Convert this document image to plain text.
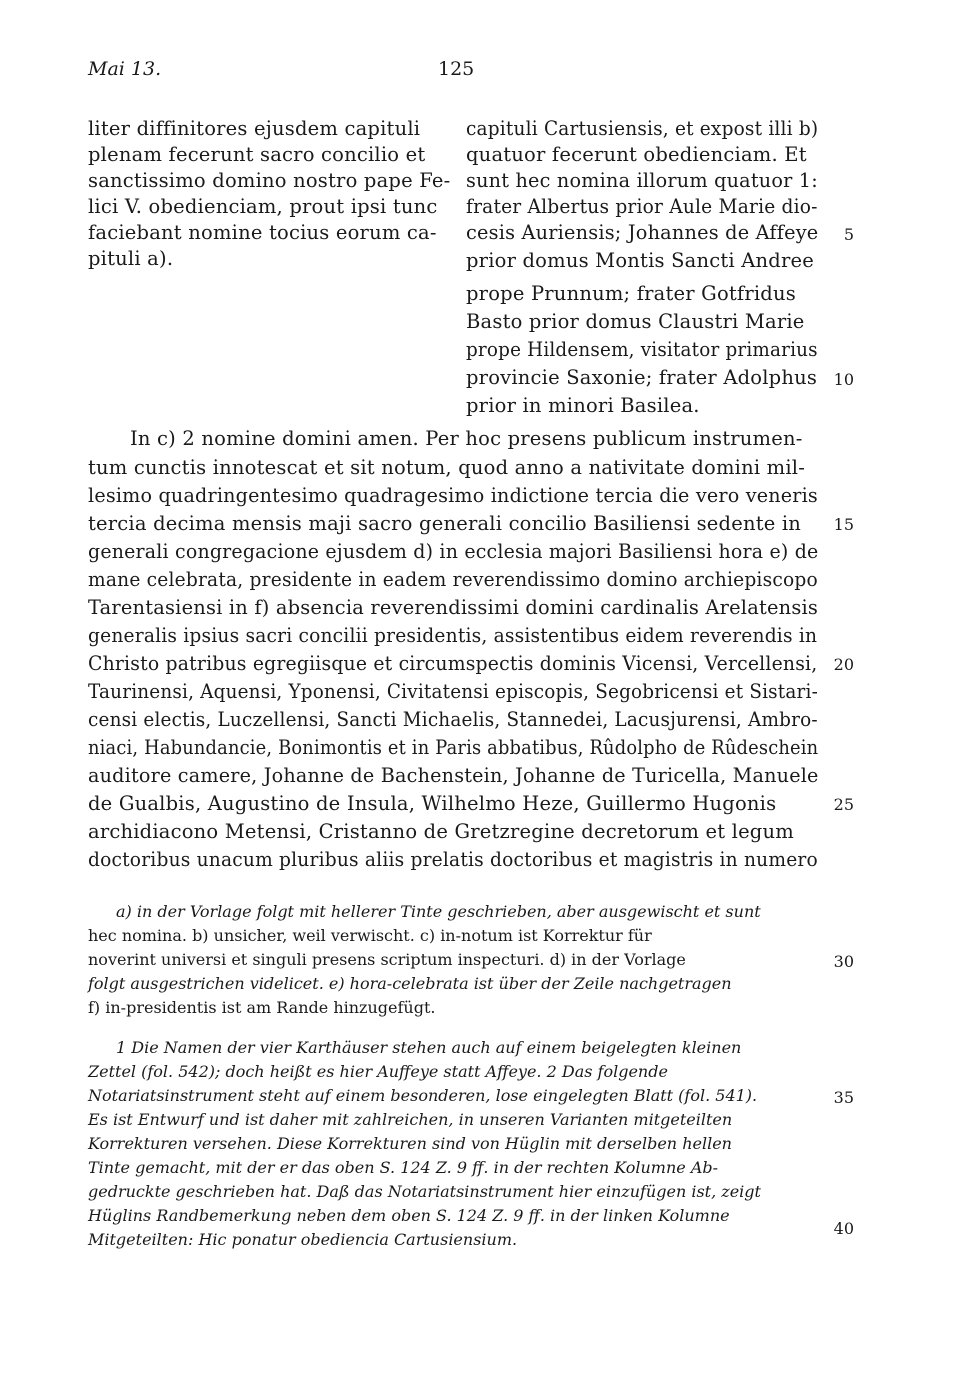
Mai 13.	125
liter diffinitores ejusdem capituli
plenam fecerunt sacro concilio et
sanctissimo domino nostro pape Fe-
lici V. obedienciam, prout ipsi tunc
faciebant nomine tocius eorum ca-
pituli a).
capituli Cartusiensis, et expost illi b)
quatuor fecerunt obedienciam. Et
sunt hec nomina illorum quatuor 1:
frater Albertus prior Aule Marie dio-
cesis Auriensis; Johannes de Affeye
prior domus Montis Sancti Andree
prope Prunnum; frater Gotfridus
Basto prior domus Claustri Marie
prope Hildensem, visitator primarius
provincie Saxonie; frater Adolphus
prior in minori Basilea.
In c) 2 nomine domini amen. Per hoc presens publicum instrumen-
tum cunctis innotescat et sit notum, quod anno a nativitate domini mil-
lesimo quadringentesimo quadragesimo indictione tercia die vero veneris
tercia decima mensis maji sacro generali concilio Basiliensi sedente in
generali congregacione ejusdem d) in ecclesia majori Basiliensi hora e) de
mane celebrata, presidente in eadem reverendissimo domino archiepiscopo
Tarentasiensi in f) absencia reverendissimi domini cardinalis Arelatensis
generalis ipsius sacri concilii presidentis, assistentibus eidem reverendis in
Christo patribus egregiisque et circumspectis dominis Vicensi, Vercellensi,
Taurinensi, Aquensi, Yponensi, Civitatensi episcopis, Segobricensi et Sistari-
censi electis, Luczellensi, Sancti Michaelis, Stannedei, Lacusjurensi, Ambro-
niaci, Habundancie, Bonimontis et in Paris abbatibus, Rûdolpho de Rûdeschein
auditore camere, Johanne de Bachenstein, Johanne de Turicella, Manuele
de Gualbis, Augustino de Insula, Wilhelmo Heze, Guillermo Hugonis
archidiacono Metensi, Cristanno de Gretzregine decretorum et legum
doctoribus unacum pluribus aliis prelatis doctoribus et magistris in numero
a) in der Vorlage folgt mit hellerer Tinte geschrieben, aber ausgewischt et sunt
hec nomina. b) unsicher, weil verwischt. c) in-notum ist Korrektur für
noverint universi et singuli presens scriptum inspecturi. d) in der Vorlage
folgt ausgestrichen videlicet. e) hora-celebrata ist über der Zeile nachgetragen
f) in-presidentis ist am Rande hinzugefügt.
1 Die Namen der vier Karthäuser stehen auch auf einem beigelegten kleinen
Zettel (fol. 542); doch heißt es hier Auffeye statt Affeye. 2 Das folgende
Notariatsinstrument steht auf einem besonderen, lose eingelegten Blatt (fol. 541).
Es ist Entwurf und ist daher mit zahlreichen, in unseren Varianten mitgeteilten
Korrekturen versehen. Diese Korrekturen sind von Hüglin mit derselben hellen
Tinte gemacht, mit der er das oben S. 124 Z. 9 ff. in der rechten Kolumne Ab-
gedruckte geschrieben hat. Daß das Notariatsinstrument hier einzufügen ist, zeigt
Hüglins Randbemerkung neben dem oben S. 124 Z. 9 ff. in der linken Kolumne
Mitgeteilten: Hic ponatur obediencia Cartusiensium.
5
10
15
20
25
30
35
40
